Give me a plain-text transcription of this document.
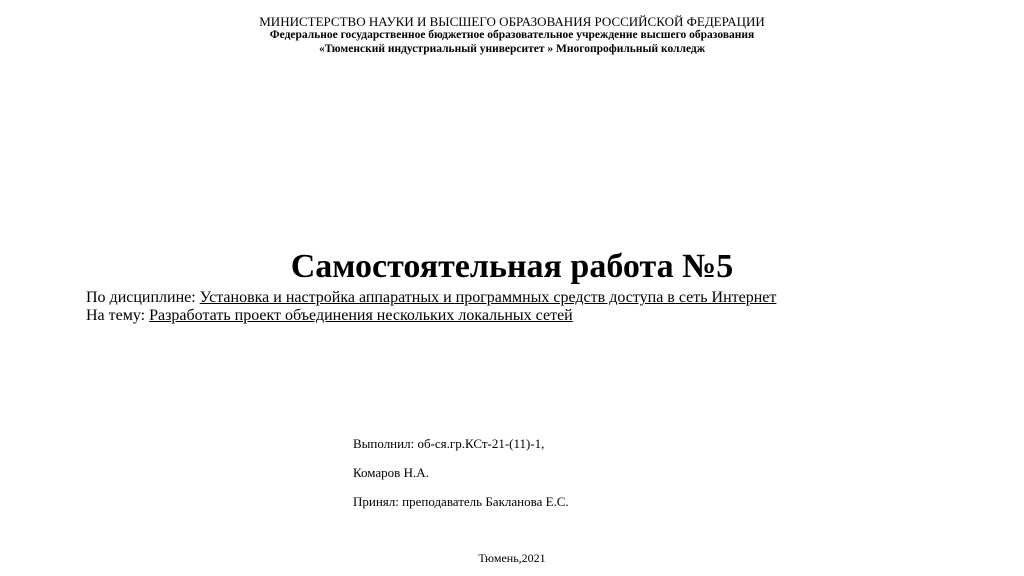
МИНИСТЕРСТВО НАУКИ И ВЫСШЕГО ОБРАЗОВАНИЯ РОССИЙСКОЙ ФЕДЕРАЦИИ
Федеральное государственное бюджетное образовательное учреждение высшего образования
«Тюменский индустриальный университет » Многопрофильный колледж
Самостоятельная работа №5
По дисциплине: Установка и настройка аппаратных и программных средств доступа в сеть Интернет
На тему: Разработать проект объединения нескольких локальных сетей
Выполнил: об-ся.гр.КСт-21-(11)-1,
Комаров Н.А.
Принял: преподаватель Бакланова Е.С.
Тюмень,2021
